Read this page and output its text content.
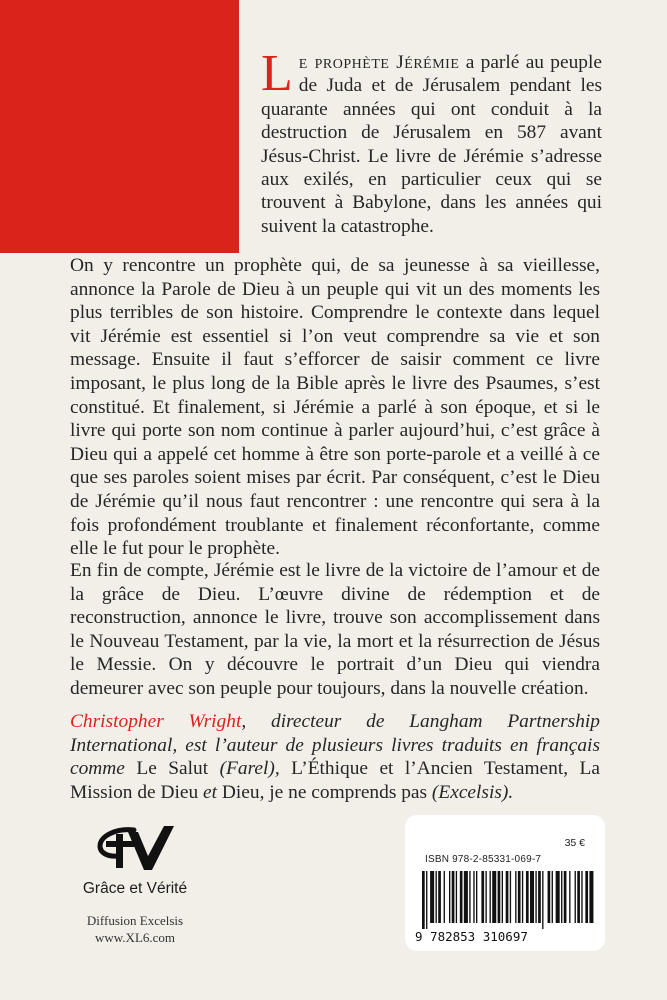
Le prophète Jérémie a parlé au peuple de Juda et de Jérusalem pendant les quarante années qui ont conduit à la destruction de Jérusalem en 587 avant Jésus-Christ. Le livre de Jérémie s’adresse aux exilés, en particulier ceux qui se trouvent à Babylone, dans les années qui suivent la catastrophe.

On y rencontre un prophète qui, de sa jeunesse à sa vieillesse, annonce la Parole de Dieu à un peuple qui vit un des moments les plus terribles de son histoire. Comprendre le contexte dans lequel vit Jérémie est essentiel si l’on veut comprendre sa vie et son message. Ensuite il faut s’efforcer de saisir comment ce livre imposant, le plus long de la Bible après le livre des Psaumes, s’est constitué. Et finalement, si Jérémie a parlé à son époque, et si le livre qui porte son nom continue à parler aujourd’hui, c’est grâce à Dieu qui a appelé cet homme à être son porte-parole et a veillé à ce que ses paroles soient mises par écrit. Par conséquent, c’est le Dieu de Jérémie qu’il nous faut rencontrer : une rencontre qui sera à la fois profondément troublante et finalement réconfortante, comme elle le fut pour le prophète.

En fin de compte, Jérémie est le livre de la victoire de l’amour et de la grâce de Dieu. L’œuvre divine de rédemption et de reconstruction, annonce le livre, trouve son accomplissement dans le Nouveau Testament, par la vie, la mort et la résurrection de Jésus le Messie. On y découvre le portrait d’un Dieu qui viendra demeurer avec son peuple pour toujours, dans la nouvelle création.

Christopher Wright, directeur de Langham Partnership International, est l’auteur de plusieurs livres traduits en français comme Le Salut (Farel), L’Éthique et l’Ancien Testament, La Mission de Dieu et Dieu, je ne comprends pas (Excelsis).

Grâce et Vérité
Diffusion Excelsis
www.XL6.com
35 €
ISBN 978-2-85331-069-7
9 782853 310697
